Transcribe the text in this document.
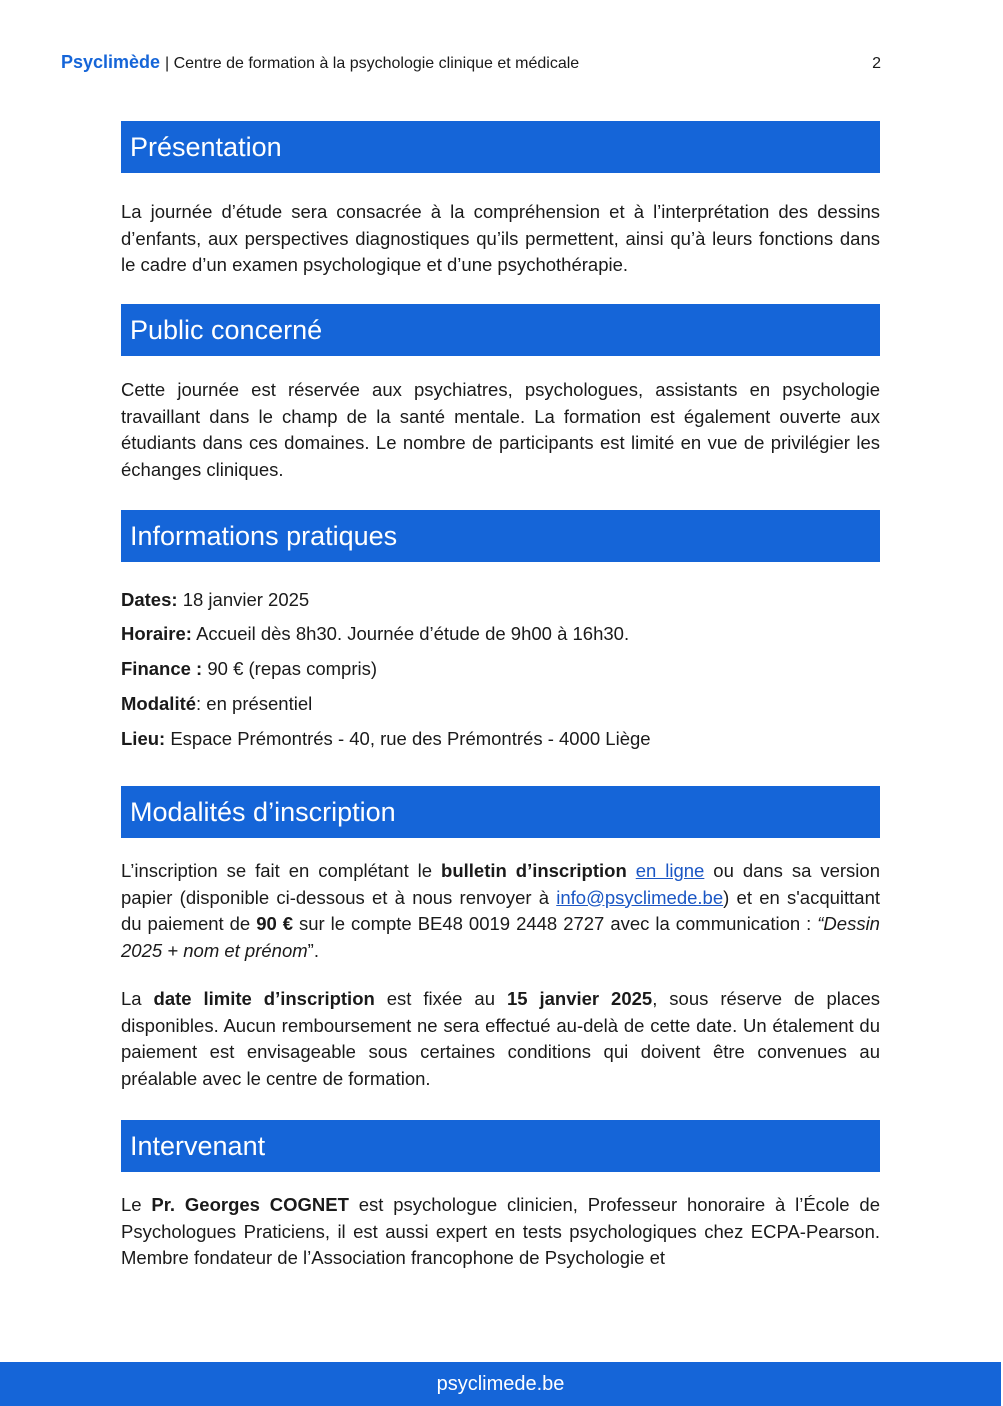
Psyclimède | Centre de formation à la psychologie clinique et médicale	2
Présentation

La journée d’étude sera consacrée à la compréhension et à l’interprétation des dessins d’enfants, aux perspectives diagnostiques qu’ils permettent, ainsi qu’à leurs fonctions dans le cadre d’un examen psychologique et d’une psychothérapie.

Public concerné

Cette journée est réservée aux psychiatres, psychologues, assistants en psychologie travaillant dans le champ de la santé mentale. La formation est également ouverte aux étudiants dans ces domaines. Le nombre de participants est limité en vue de privilégier les échanges cliniques.

Informations pratiques
Dates: 18 janvier 2025
Horaire: Accueil dès 8h30. Journée d’étude de 9h00 à 16h30.
Finance : 90 € (repas compris)
Modalité: en présentiel
Lieu: Espace Prémontrés - 40, rue des Prémontrés - 4000 Liège
Modalités d’inscription

L’inscription se fait en complétant le bulletin d’inscription en ligne ou dans sa version papier (disponible ci-dessous et à nous renvoyer à info@psyclimede.be) et en s'acquittant du paiement de 90 € sur le compte BE48 0019 2448 2727 avec la communication : “Dessin 2025 + nom et prénom”.

La date limite d’inscription est fixée au 15 janvier 2025, sous réserve de places disponibles. Aucun remboursement ne sera effectué au-delà de cette date. Un étalement du paiement est envisageable sous certaines conditions qui doivent être convenues au préalable avec le centre de formation.

Intervenant

Le Pr. Georges COGNET est psychologue clinicien, Professeur honoraire à l’École de Psychologues Praticiens, il est aussi expert en tests psychologiques chez ECPA-Pearson. Membre fondateur de l’Association francophone de Psychologie et

psyclimede.be
